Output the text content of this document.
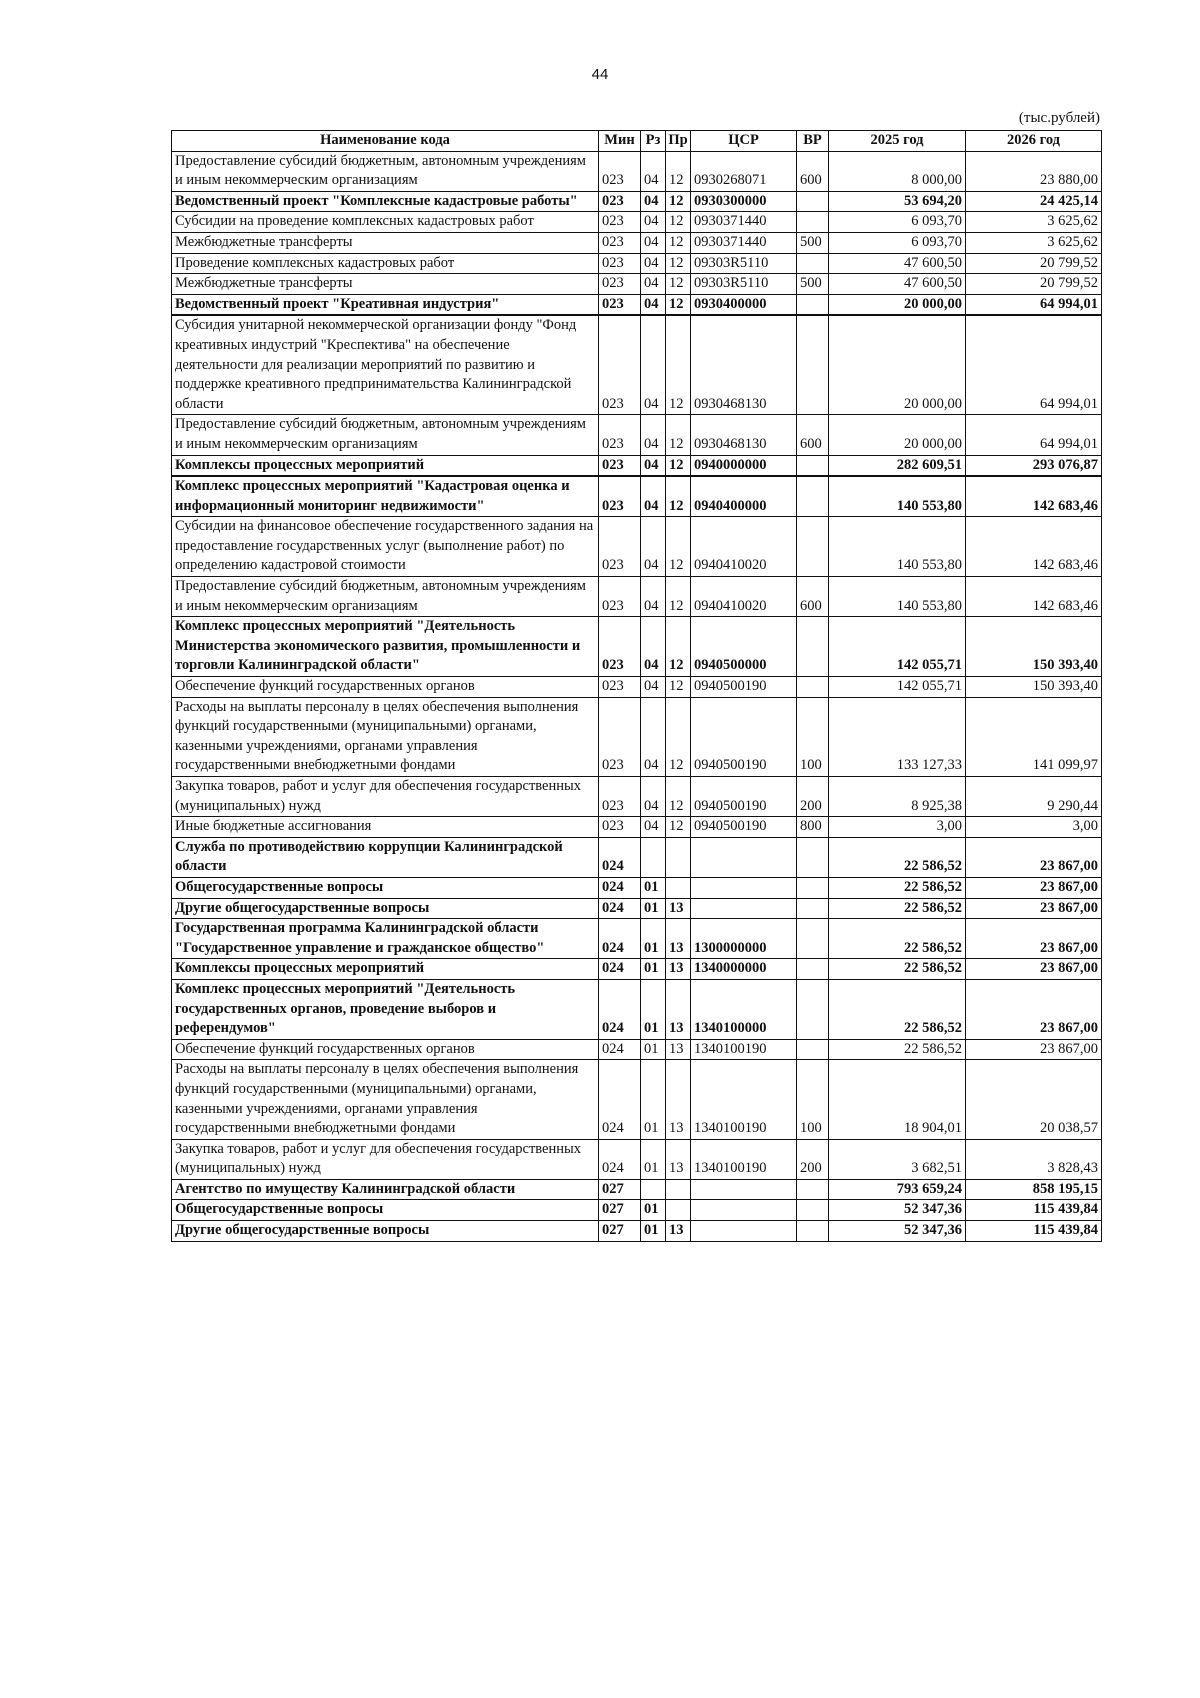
44
(тыс.рублей)
Наименование кода	Мин	Рз	Пр	ЦСР	ВР	2025 год	2026 год
Предоставление субсидий бюджетным, автономным учреждениям и иным некоммерческим организациям	023	04	12	0930268071	600	8 000,00	23 880,00
Ведомственный проект "Комплексные кадастровые работы"	023	04	12	0930300000		53 694,20	24 425,14
Субсидии на проведение комплексных кадастровых работ	023	04	12	0930371440		6 093,70	3 625,62
Межбюджетные трансферты	023	04	12	0930371440	500	6 093,70	3 625,62
Проведение комплексных кадастровых работ	023	04	12	09303R5110		47 600,50	20 799,52
Межбюджетные трансферты	023	04	12	09303R5110	500	47 600,50	20 799,52
Ведомственный проект "Креативная индустрия"	023	04	12	0930400000		20 000,00	64 994,01
Субсидия унитарной некоммерческой организации фонду "Фонд креативных индустрий "Креспектива" на обеспечение деятельности для реализации мероприятий по развитию и поддержке креативного предпринимательства Калининградской области	023	04	12	0930468130		20 000,00	64 994,01
Предоставление субсидий бюджетным, автономным учреждениям и иным некоммерческим организациям	023	04	12	0930468130	600	20 000,00	64 994,01
Комплексы процессных мероприятий	023	04	12	0940000000		282 609,51	293 076,87
Комплекс процессных мероприятий "Кадастровая оценка и информационный мониторинг недвижимости"	023	04	12	0940400000		140 553,80	142 683,46
Субсидии на финансовое обеспечение государственного задания на предоставление государственных услуг (выполнение работ) по определению кадастровой стоимости	023	04	12	0940410020		140 553,80	142 683,46
Предоставление субсидий бюджетным, автономным учреждениям и иным некоммерческим организациям	023	04	12	0940410020	600	140 553,80	142 683,46
Комплекс процессных мероприятий "Деятельность Министерства экономического развития, промышленности и торговли Калининградской области"	023	04	12	0940500000		142 055,71	150 393,40
Обеспечение функций государственных органов	023	04	12	0940500190		142 055,71	150 393,40
Расходы на выплаты персоналу в целях обеспечения выполнения функций государственными (муниципальными) органами, казенными учреждениями, органами управления государственными внебюджетными фондами	023	04	12	0940500190	100	133 127,33	141 099,97
Закупка товаров, работ и услуг для обеспечения государственных (муниципальных) нужд	023	04	12	0940500190	200	8 925,38	9 290,44
Иные бюджетные ассигнования	023	04	12	0940500190	800	3,00	3,00
Служба по противодействию коррупции Калининградской области	024					22 586,52	23 867,00
Общегосударственные вопросы	024	01				22 586,52	23 867,00
Другие общегосударственные вопросы	024	01	13			22 586,52	23 867,00
Государственная программа Калининградской области "Государственное управление и гражданское общество"	024	01	13	1300000000		22 586,52	23 867,00
Комплексы процессных мероприятий	024	01	13	1340000000		22 586,52	23 867,00
Комплекс процессных мероприятий "Деятельность государственных органов, проведение выборов и референдумов"	024	01	13	1340100000		22 586,52	23 867,00
Обеспечение функций государственных органов	024	01	13	1340100190		22 586,52	23 867,00
Расходы на выплаты персоналу в целях обеспечения выполнения функций государственными (муниципальными) органами, казенными учреждениями, органами управления государственными внебюджетными фондами	024	01	13	1340100190	100	18 904,01	20 038,57
Закупка товаров, работ и услуг для обеспечения государственных (муниципальных) нужд	024	01	13	1340100190	200	3 682,51	3 828,43
Агентство по имуществу Калининградской области	027					793 659,24	858 195,15
Общегосударственные вопросы	027	01				52 347,36	115 439,84
Другие общегосударственные вопросы	027	01	13			52 347,36	115 439,84
